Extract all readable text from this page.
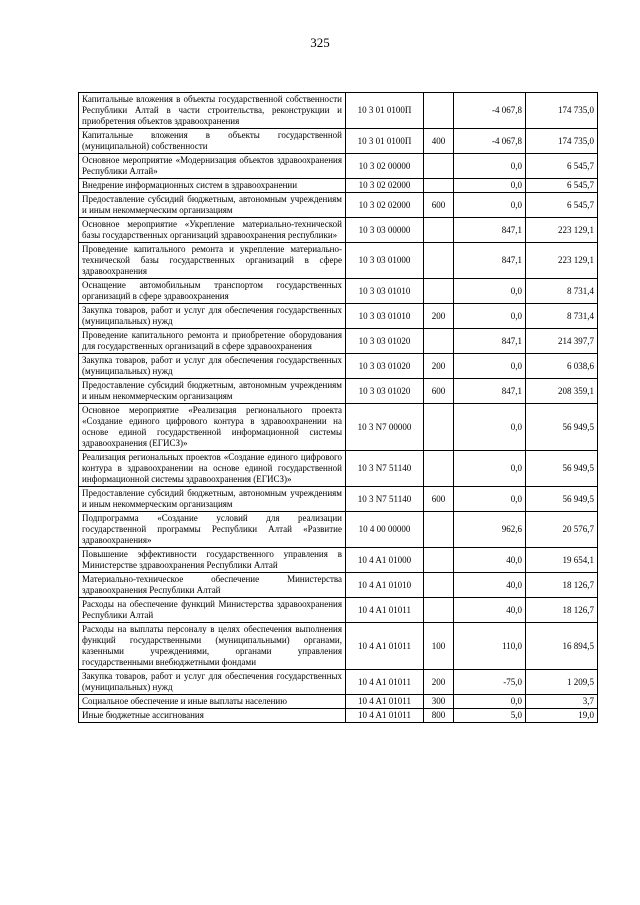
325
Капитальные вложения в объекты государственной собственности Республики Алтай в части строительства, реконструкции и приобретения объектов здравоохранения	10 3 01 0100П		-4 067,8	174 735,0
Капитальные вложения в объекты государственной (муниципальной) собственности	10 3 01 0100П	400	-4 067,8	174 735,0
Основное мероприятие «Модернизация объектов здравоохранения Республики Алтай»	10 3 02 00000		0,0	6 545,7
Внедрение информационных систем в здравоохранении	10 3 02 02000		0,0	6 545,7
Предоставление субсидий бюджетным, автономным учреждениям и иным некоммерческим организациям	10 3 02 02000	600	0,0	6 545,7
Основное мероприятие «Укрепление материально-технической базы государственных организаций здравоохранения республики»	10 3 03 00000		847,1	223 129,1
Проведение капитального ремонта и укрепление материально-технической базы государственных организаций в сфере здравоохранения	10 3 03 01000		847,1	223 129,1
Оснащение автомобильным транспортом государственных организаций в сфере здравоохранения	10 3 03 01010		0,0	8 731,4
Закупка товаров, работ и услуг для обеспечения государственных (муниципальных) нужд	10 3 03 01010	200	0,0	8 731,4
Проведение капитального ремонта и приобретение оборудования для государственных организаций в сфере здравоохранения	10 3 03 01020		847,1	214 397,7
Закупка товаров, работ и услуг для обеспечения государственных (муниципальных) нужд	10 3 03 01020	200	0,0	6 038,6
Предоставление субсидий бюджетным, автономным учреждениям и иным некоммерческим организациям	10 3 03 01020	600	847,1	208 359,1
Основное мероприятие «Реализация регионального проекта «Создание единого цифрового контура в здравоохранении на основе единой государственной информационной системы здравоохранения (ЕГИСЗ)»	10 3 N7 00000		0,0	56 949,5
Реализация региональных проектов «Создание единого цифрового контура в здравоохранении на основе единой государственной информационной системы здравоохранения (ЕГИСЗ)»	10 3 N7 51140		0,0	56 949,5
Предоставление субсидий бюджетным, автономным учреждениям и иным некоммерческим организациям	10 3 N7 51140	600	0,0	56 949,5
Подпрограмма «Создание условий для реализации государственной программы Республики Алтай «Развитие здравоохранения»	10 4 00 00000		962,6	20 576,7
Повышение эффективности государственного управления в Министерстве здравоохранения Республики Алтай	10 4 A1 01000		40,0	19 654,1
Материально-техническое обеспечение Министерства здравоохранения Республики Алтай	10 4 A1 01010		40,0	18 126,7
Расходы на обеспечение функций Министерства здравоохранения Республики Алтай	10 4 A1 01011		40,0	18 126,7
Расходы на выплаты персоналу в целях обеспечения выполнения функций государственными (муниципальными) органами, казенными учреждениями, органами управления государственными внебюджетными фондами	10 4 A1 01011	100	110,0	16 894,5
Закупка товаров, работ и услуг для обеспечения государственных (муниципальных) нужд	10 4 A1 01011	200	-75,0	1 209,5
Социальное обеспечение и иные выплаты населению	10 4 A1 01011	300	0,0	3,7
Иные бюджетные ассигнования	10 4 A1 01011	800	5,0	19,0
